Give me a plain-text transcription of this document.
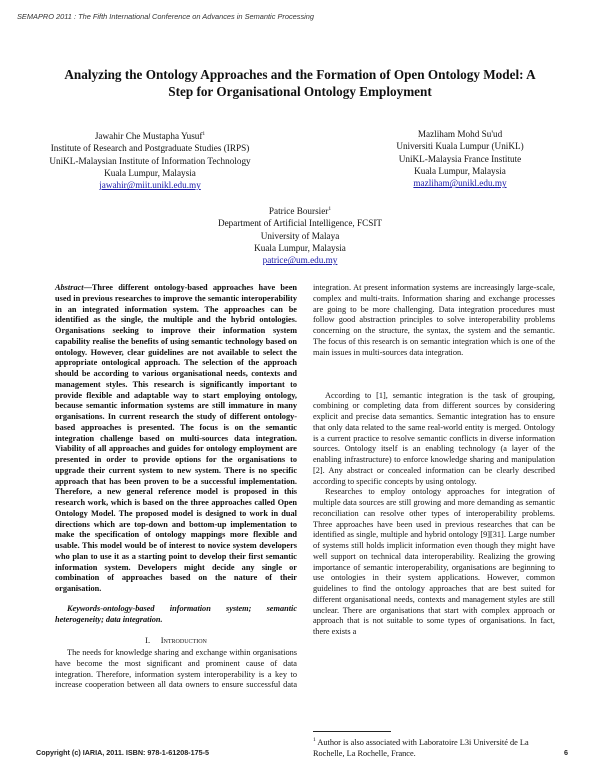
SEMAPRO 2011 : The Fifth International Conference on Advances in Semantic Processing
Analyzing the Ontology Approaches and the Formation of Open Ontology Model: A
Step for Organisational Ontology Employment
Jawahir Che Mustapha Yusuf$^1$
Institute of Research and Postgraduate Studies (IRPS)
UniKL-Malaysian Institute of Information Technology
Kuala Lumpur, Malaysia
jawahir@miit.unikl.edu.my
Mazliham Mohd Su'ud
Universiti Kuala Lumpur (UniKL)
UniKL-Malaysia France Institute
Kuala Lumpur, Malaysia
mazliham@unikl.edu.my
Patrice Boursier$^1$
Department of Artificial Intelligence, FCSIT
University of Malaya
Kuala Lumpur, Malaysia
patrice@um.edu.my

Abstract—Three different ontology-based approaches have been used in previous researches to improve the semantic interoperability in an integrated information system. The approaches can be identified as the single, the multiple and the hybrid ontologies. Organisations seeking to improve their information system capability realise the benefits of using semantic technology based on ontology. However, clear guidelines are not available to select the appropriate ontological approach. The selection of the approach should be according to various organisational needs, contexts and management styles. This research is significantly important to provide flexible and adaptable way to start employing ontology, because semantic information systems are still immature in many organisations. In current research the study of different ontology-based approaches is presented. The focus is on the semantic integration challenge based on multi-sources data integration. Viability of all approaches and guides for ontology employment are presented in order to provide options for the organisations to upgrade their current system to new system. There is no specific approach that has been proven to be a successful implementation. Therefore, a new general reference model is proposed in this research work, which is based on the three approaches called Open Ontology Model. The proposed model is designed to work in dual directions which are top-down and bottom-up implementation to make the specification of ontology mappings more flexible and usable. This model would be of interest to novice system developers who plan to use it as a starting point to develop their first semantic information system. Developers might decide any single or combination of approaches based on the nature of their organisation.

Keywords-ontology-based information system; semantic heterogeneity; data integration.

I. Introduction

The needs for knowledge sharing and exchange within organisations have become the most significant and prominent cause of data integration. Therefore, information system interoperability is a key to increase cooperation between all data owners to ensure successful data

integration. At present information systems are increasingly large-scale, complex and multi-traits. Information sharing and exchange processes are going to be more challenging. Data integration procedures must follow good abstraction principles to solve interoperability problems concerning on the structure, the syntax, the system and the semantic. The focus of this research is on semantic integration which is one of the main issues in multi-sources data integration.

According to [1], semantic integration is the task of grouping, combining or completing data from different sources by considering explicit and precise data semantics. Semantic integration has to ensure that only data related to the same real-world entity is merged. Ontology is a current practice to resolve semantic conflicts in diverse information sources. Ontology itself is an enabling technology (a layer of the enabling infrastructure) to enforce knowledge sharing and manipulation [2]. Any abstract or concealed information can be clearly described according to specific concepts by using ontology.

Researches to employ ontology approaches for integration of multiple data sources are still growing and more demanding as semantic reconciliation can resolve other types of interoperability problems. Three approaches have been used in previous researches that can be identified as single, multiple and hybrid ontology [9][31]. Large number of systems still holds implicit information even though they might have well support on technical data interoperability. Realizing the growing importance of semantic interoperability, organisations are beginning to use ontologies in their system applications. However, common guidelines to find the ontology approaches that are best suited for different organisational needs, contexts and management styles are still unclear. There are organisations that start with complex approach or approach that is not suitable to some types of organisations. In fact, there exists a

$^1$ Author is also associated with Laboratoire L3i Université de La Rochelle, La Rochelle, France.
Copyright (c) IARIA, 2011. ISBN: 978-1-61208-175-5	6
